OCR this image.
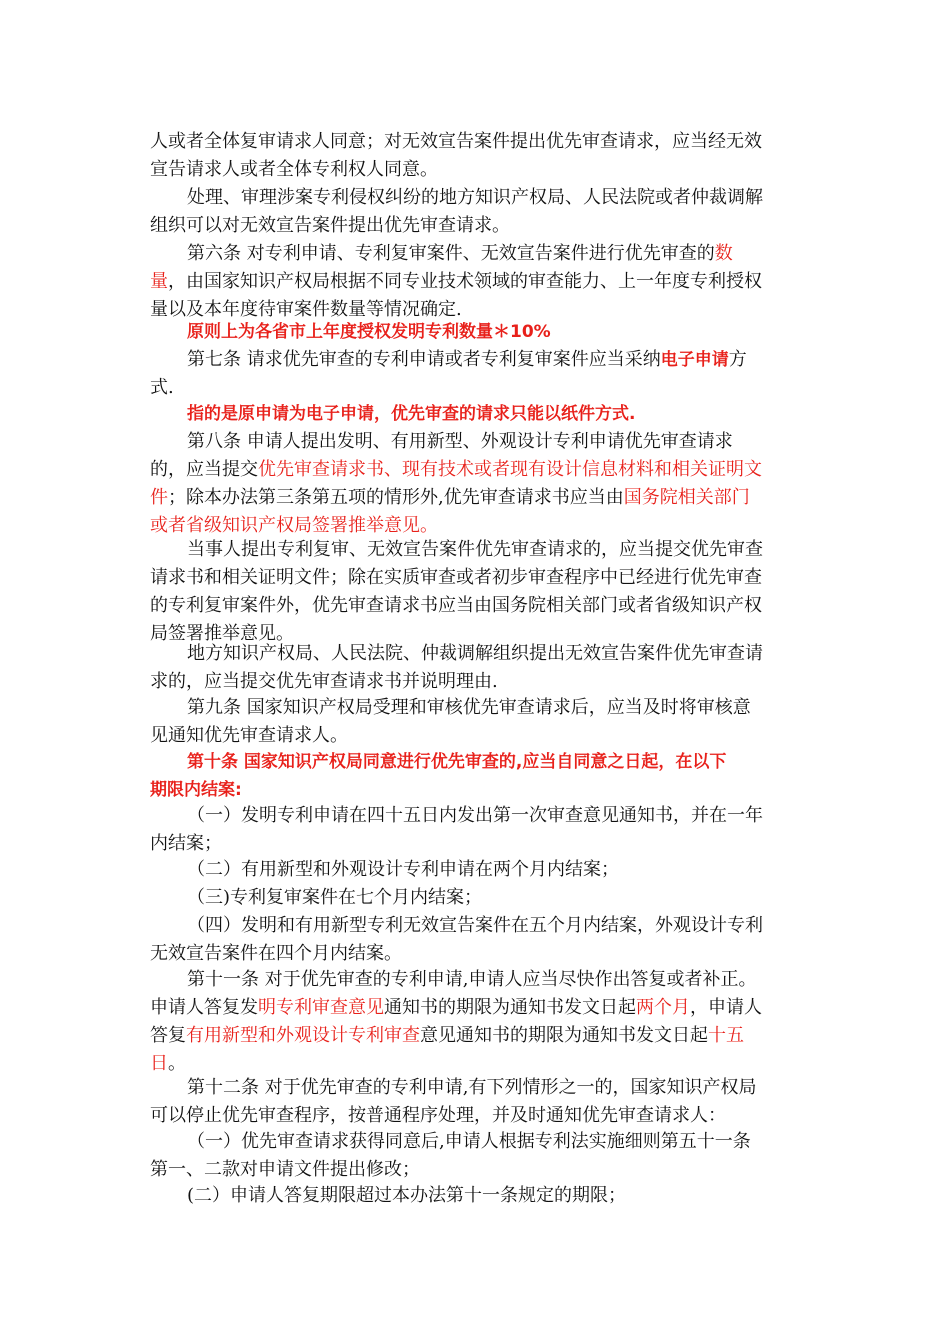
人或者全体复审请求人同意；对无效宣告案件提出优先审查请求，应当经无效
宣告请求人或者全体专利权人同意。

处理、审理涉案专利侵权纠纷的地方知识产权局、人民法院或者仲裁调解
组织可以对无效宣告案件提出优先审查请求。

第六条 对专利申请、专利复审案件、无效宣告案件进行优先审查的数
量，由国家知识产权局根据不同专业技术领域的审查能力、上一年度专利授权
量以及本年度待审案件数量等情况确定.

原则上为各省市上年度授权发明专利数量＊10%

第七条 请求优先审查的专利申请或者专利复审案件应当采纳电子申请方
式.

指的是原申请为电子申请，优先审查的请求只能以纸件方式.

第八条 申请人提出发明、有用新型、外观设计专利申请优先审查请求
的，应当提交优先审查请求书、现有技术或者现有设计信息材料和相关证明文
件；除本办法第三条第五项的情形外,优先审查请求书应当由国务院相关部门
或者省级知识产权局签署推举意见。

当事人提出专利复审、无效宣告案件优先审查请求的，应当提交优先审查
请求书和相关证明文件；除在实质审查或者初步审查程序中已经进行优先审查
的专利复审案件外，优先审查请求书应当由国务院相关部门或者省级知识产权
局签署推举意见。

地方知识产权局、人民法院、仲裁调解组织提出无效宣告案件优先审查请
求的，应当提交优先审查请求书并说明理由.

第九条 国家知识产权局受理和审核优先审查请求后，应当及时将审核意
见通知优先审查请求人。

第十条 国家知识产权局同意进行优先审查的,应当自同意之日起，在以下
期限内结案:

（一）发明专利申请在四十五日内发出第一次审查意见通知书，并在一年
内结案；

（二）有用新型和外观设计专利申请在两个月内结案；

（三)专利复审案件在七个月内结案；

（四）发明和有用新型专利无效宣告案件在五个月内结案，外观设计专利
无效宣告案件在四个月内结案。

第十一条 对于优先审查的专利申请,申请人应当尽快作出答复或者补正。
申请人答复发明专利审查意见通知书的期限为通知书发文日起两个月，申请人
答复有用新型和外观设计专利审查意见通知书的期限为通知书发文日起十五
日。

第十二条 对于优先审查的专利申请,有下列情形之一的，国家知识产权局
可以停止优先审查程序，按普通程序处理，并及时通知优先审查请求人：

（一）优先审查请求获得同意后,申请人根据专利法实施细则第五十一条
第一、二款对申请文件提出修改；

(二）申请人答复期限超过本办法第十一条规定的期限；
